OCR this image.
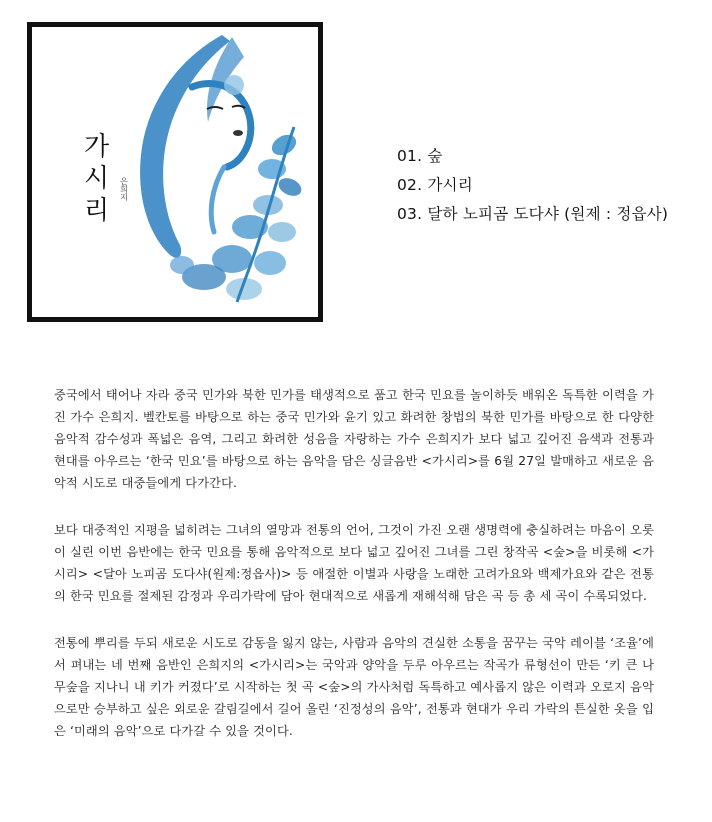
가시리 은희지
01. 숲
02. 가시리
03. 달하 노피곰 도다샤 (원제 : 정읍사)

중국에서 태어나 자라 중국 민가와 북한 민가를 태생적으로 품고 한국 민요를 놀이하듯 배워온 독특한 이력을 가진 가수 은희지. 벨칸토를 바탕으로 하는 중국 민가와 윤기 있고 화려한 창법의 북한 민가를 바탕으로 한 다양한 음악적 감수성과 폭넓은 음역, 그리고 화려한 성음을 자랑하는 가수 은희지가 보다 넓고 깊어진 음색과 전통과 현대를 아우르는 ‘한국 민요’를 바탕으로 하는 음악을 담은 싱글음반 <가시리>를 6월 27일 발매하고 새로운 음악적 시도로 대중들에게 다가간다.

보다 대중적인 지평을 넓히려는 그녀의 열망과 전통의 언어, 그것이 가진 오랜 생명력에 충실하려는 마음이 오롯이 실린 이번 음반에는 한국 민요를 통해 음악적으로 보다 넓고 깊어진 그녀를 그린 창작곡 <숲>을 비롯해 <가시리> <달아 노피곰 도다샤(원제:정읍사)> 등 애절한 이별과 사랑을 노래한 고려가요와 백제가요와 같은 전통의 한국 민요를 절제된 감정과 우리가락에 담아 현대적으로 새롭게 재해석해 담은 곡 등 총 세 곡이 수록되었다.

전통에 뿌리를 두되 새로운 시도로 감동을 잃지 않는, 사람과 음악의 견실한 소통을 꿈꾸는 국악 레이블 ‘조율’에서 펴내는 네 번째 음반인 은희지의 <가시리>는 국악과 양악을 두루 아우르는 작곡가 류형선이 만든 ‘키 큰 나무숲을 지나니 내 키가 커졌다’로 시작하는 첫 곡 <숲>의 가사처럼 독특하고 예사롭지 않은 이력과 오로지 음악으로만 승부하고 싶은 외로운 갈림길에서 길어 올린 ‘진정성의 음악’, 전통과 현대가 우리 가락의 튼실한 옷을 입은 ‘미래의 음악’으로 다가갈 수 있을 것이다.
